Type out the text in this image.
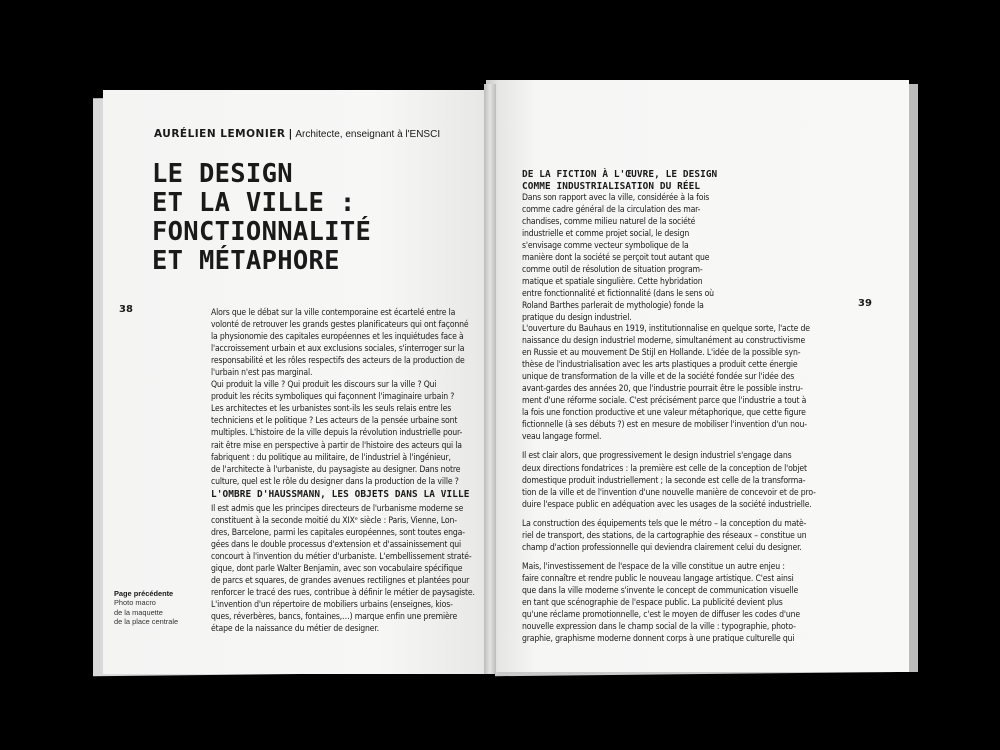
AURÉLIEN LEMONIER | Architecte, enseignant à l'ENSCI
LE DESIGN
ET LA VILLE :
FONCTIONNALITÉ
ET MÉTAPHORE
38	Alors que le débat sur la ville contemporaine est écartelé entre la
volonté de retrouver les grands gestes planificateurs qui ont façonné
la physionomie des capitales européennes et les inquiétudes face à
l'accroissement urbain et aux exclusions sociales, s'interroger sur la
responsabilité et les rôles respectifs des acteurs de la production de
l'urbain n'est pas marginal.
Qui produit la ville ? Qui produit les discours sur la ville ? Qui
produit les récits symboliques qui façonnent l'imaginaire urbain ?
Les architectes et les urbanistes sont-ils les seuls relais entre les
techniciens et le politique ? Les acteurs de la pensée urbaine sont
multiples. L'histoire de la ville depuis la révolution industrielle pour-
rait être mise en perspective à partir de l'histoire des acteurs qui la
fabriquent : du politique au militaire, de l'industriel à l'ingénieur,
de l'architecte à l'urbaniste, du paysagiste au designer. Dans notre
culture, quel est le rôle du designer dans la production de la ville ?
L'OMBRE D'HAUSSMANN, LES OBJETS DANS LA VILLE
Il est admis que les principes directeurs de l'urbanisme moderne se
constituent à la seconde moitié du XIXᵉ siècle : Paris, Vienne, Lon-
dres, Barcelone, parmi les capitales européennes, sont toutes enga-
gées dans le double processus d'extension et d'assainissement qui
concourt à l'invention du métier d'urbaniste. L'embellissement straté-
gique, dont parle Walter Benjamin, avec son vocabulaire spécifique
de parcs et squares, de grandes avenues rectilignes et plantées pour
renforcer le tracé des rues, contribue à définir le métier de paysagiste.
L'invention d'un répertoire de mobiliers urbains (enseignes, kios-
ques, réverbères, bancs, fontaines,…) marque enfin une première
étape de la naissance du métier de designer.
Page précédente
Photo macro
de la maquette
de la place centrale
DE LA FICTION À L'ŒUVRE, LE DESIGN
COMME INDUSTRIALISATION DU RÉEL
39
Dans son rapport avec la ville, considérée à la fois
comme cadre général de la circulation des mar-
chandises, comme milieu naturel de la société
industrielle et comme projet social, le design
s'envisage comme vecteur symbolique de la
manière dont la société se perçoit tout autant que
comme outil de résolution de situation program-
matique et spatiale singulière. Cette hybridation
entre fonctionnalité et fictionnalité (dans le sens où
Roland Barthes parlerait de mythologie) fonde la
pratique du design industriel.
L'ouverture du Bauhaus en 1919, institutionnalise en quelque sorte, l'acte de
naissance du design industriel moderne, simultanément au constructivisme
en Russie et au mouvement De Stijl en Hollande. L'idée de la possible syn-
thèse de l'industrialisation avec les arts plastiques a produit cette énergie
unique de transformation de la ville et de la société fondée sur l'idée des
avant-gardes des années 20, que l'industrie pourrait être le possible instru-
ment d'une réforme sociale. C'est précisément parce que l'industrie a tout à
la fois une fonction productive et une valeur métaphorique, que cette figure
fictionnelle (à ses débuts ?) est en mesure de mobiliser l'invention d'un nou-
veau langage formel.
Il est clair alors, que progressivement le design industriel s'engage dans
deux directions fondatrices : la première est celle de la conception de l'objet
domestique produit industriellement ; la seconde est celle de la transforma-
tion de la ville et de l'invention d'une nouvelle manière de concevoir et de pro-
duire l'espace public en adéquation avec les usages de la société industrielle.
La construction des équipements tels que le métro – la conception du matè-
riel de transport, des stations, de la cartographie des réseaux – constitue un
champ d'action professionnelle qui deviendra clairement celui du designer.
Mais, l'investissement de l'espace de la ville constitue un autre enjeu :
faire connaître et rendre public le nouveau langage artistique. C'est ainsi
que dans la ville moderne s'invente le concept de communication visuelle
en tant que scénographie de l'espace public. La publicité devient plus
qu'une réclame promotionnelle, c'est le moyen de diffuser les codes d'une
nouvelle expression dans le champ social de la ville : typographie, photo-
graphie, graphisme moderne donnent corps à une pratique culturelle qui
